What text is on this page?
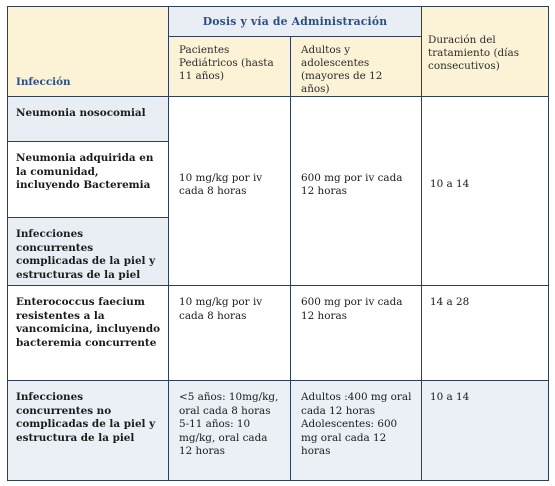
Infección	Dosis y vía de Administración		Duración del tratamiento (días consecutivos)

	Pacientes Pediátricos (hasta 11 años)	Adultos y adolescentes (mayores de 12 años)	

Neumonia nosocomial	10 mg/kg por iv cada 8 horas	600 mg por iv cada 12 horas	10 a 14

Neumonia adquirida en la comunidad, incluyendo Bacteremia			

Infecciones concurrentes complicadas de la piel y estructuras de la piel			

Enterococcus faecium resistentes a la vancomicina, incluyendo bacteremia concurrente	10 mg/kg por iv cada 8 horas	600 mg por iv cada 12 horas	14 a 28

Infecciones concurrentes no complicadas de la piel y estructura de la piel	<5 años: 10mg/kg, oral cada 8 horas 5-11 años: 10 mg/kg, oral cada 12 horas	Adultos :400 mg oral cada 12 horas Adolescentes: 600 mg oral cada 12 horas	10 a 14
